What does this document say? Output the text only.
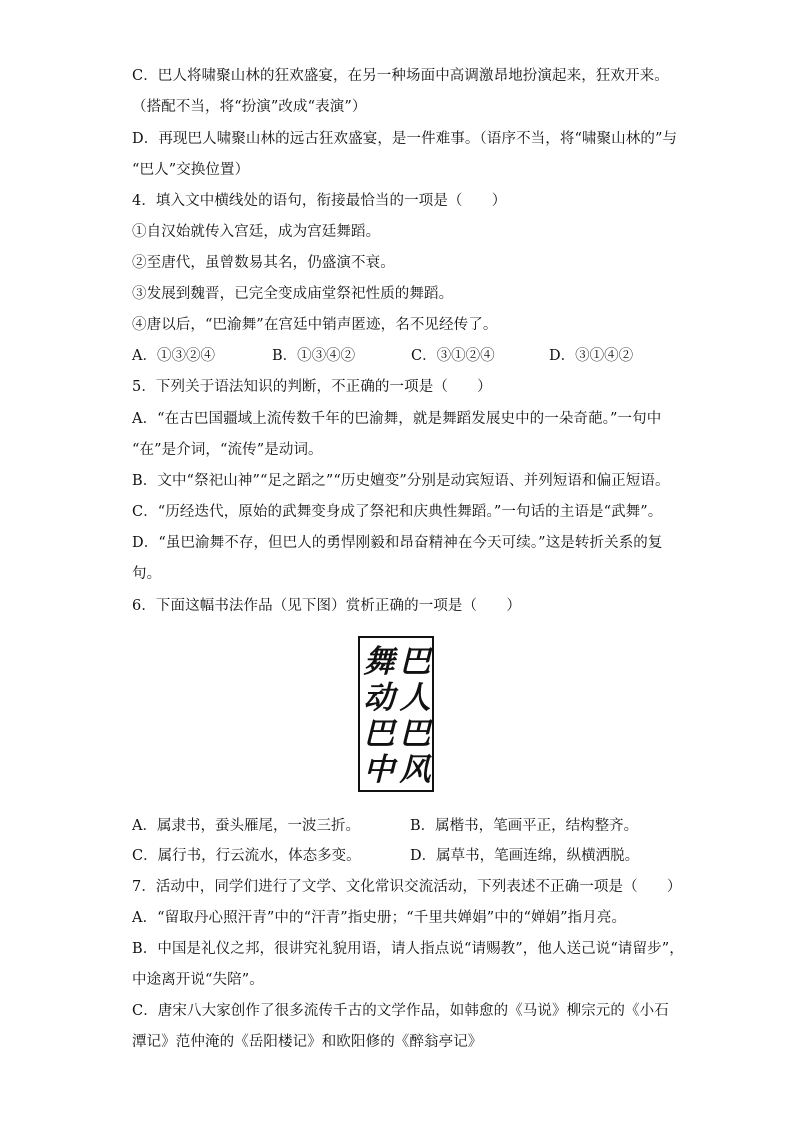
C．巴人将啸聚山林的狂欢盛宴，在另一种场面中高调激昂地扮演起来，狂欢开来。
（搭配不当，将“扮演”改成“表演”）
D．再现巴人啸聚山林的远古狂欢盛宴，是一件难事。（语序不当，将“啸聚山林的”与
“巴人”交换位置）
4．填入文中横线处的语句，衔接最恰当的一项是（　　）
①自汉始就传入宫廷，成为宫廷舞蹈。
②至唐代，虽曾数易其名，仍盛演不衰。
③发展到魏晋，已完全变成庙堂祭祀性质的舞蹈。
④唐以后，“巴渝舞”在宫廷中销声匿迹，名不见经传了。
A．①③②④	B．①③④②	C．③①②④	D．③①④②
5．下列关于语法知识的判断，不正确的一项是（　　）
A．“在古巴国疆域上流传数千年的巴渝舞，就是舞蹈发展史中的一朵奇葩。”一句中
“在”是介词，“流传”是动词。
B．文中“祭祀山神”“足之蹈之”“历史嬗变”分别是动宾短语、并列短语和偏正短语。
C．“历经迭代，原始的武舞变身成了祭祀和庆典性舞蹈。”一句话的主语是“武舞”。
D．“虽巴渝舞不存，但巴人的勇悍刚毅和昂奋精神在今天可续。”这是转折关系的复
句。
6．下面这幅书法作品（见下图）赏析正确的一项是（　　）
巴
人
巴
风
舞
动
巴
中
A．属隶书，蚕头雁尾，一波三折。	B．属楷书，笔画平正，结构整齐。
C．属行书，行云流水，体态多变。	D．属草书，笔画连绵，纵横洒脱。
7．活动中，同学们进行了文学、文化常识交流活动，下列表述不正确一项是（　　）
A．“留取丹心照汗青”中的“汗青”指史册；“千里共婵娟”中的“婵娟”指月亮。
B．中国是礼仪之邦，很讲究礼貌用语，请人指点说“请赐教”，他人送己说“请留步”，
中途离开说“失陪”。
C．唐宋八大家创作了很多流传千古的文学作品，如韩愈的《马说》柳宗元的《小石
潭记》范仲淹的《岳阳楼记》和欧阳修的《醉翁亭记》
